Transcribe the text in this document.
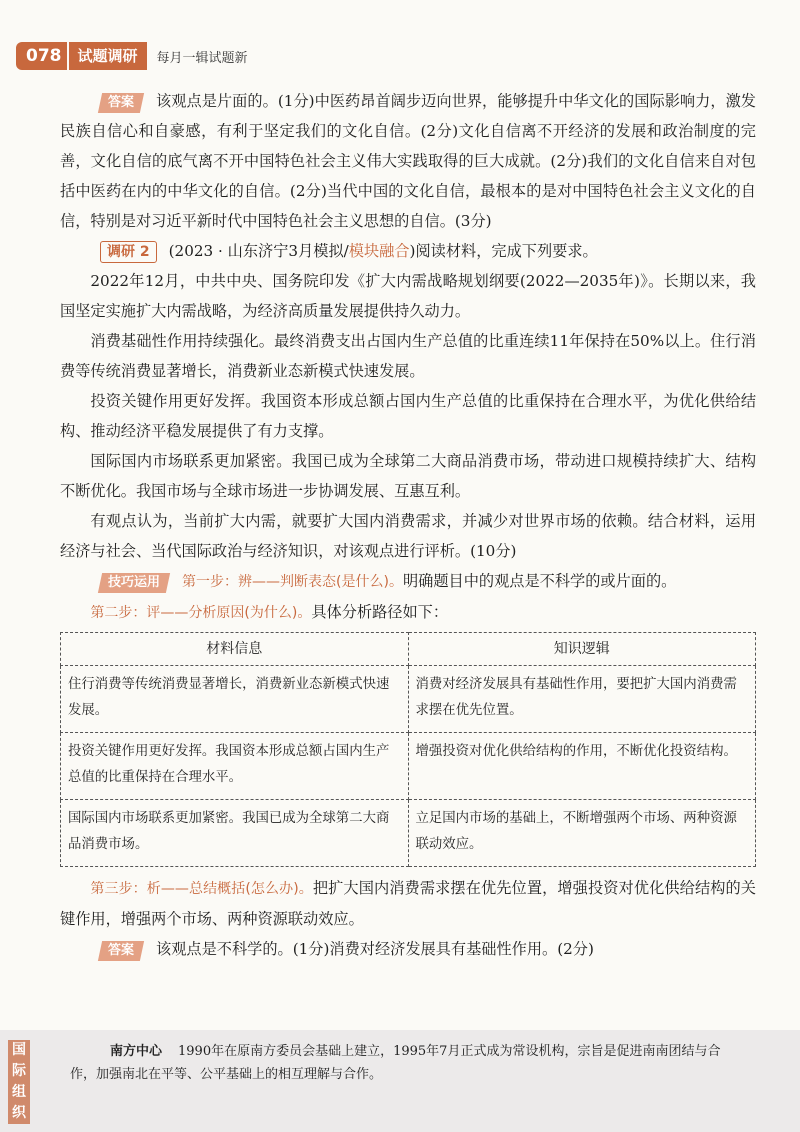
078	试题调研	每月一辑试题新

答案 该观点是片面的。(1分)中医药昂首阔步迈向世界，能够提升中华文化的国际影响力，激发民族自信心和自豪感，有利于坚定我们的文化自信。(2分)文化自信离不开经济的发展和政治制度的完善，文化自信的底气离不开中国特色社会主义伟大实践取得的巨大成就。(2分)我们的文化自信来自对包括中医药在内的中华文化的自信。(2分)当代中国的文化自信，最根本的是对中国特色社会主义文化的自信，特别是对习近平新时代中国特色社会主义思想的自信。(3分)

调研 2 (2023 · 山东济宁3月模拟/模块融合)阅读材料，完成下列要求。

2022年12月，中共中央、国务院印发《扩大内需战略规划纲要(2022—2035年)》。长期以来，我国坚定实施扩大内需战略，为经济高质量发展提供持久动力。

消费基础性作用持续强化。最终消费支出占国内生产总值的比重连续11年保持在50%以上。住行消费等传统消费显著增长，消费新业态新模式快速发展。

投资关键作用更好发挥。我国资本形成总额占国内生产总值的比重保持在合理水平，为优化供给结构、推动经济平稳发展提供了有力支撑。

国际国内市场联系更加紧密。我国已成为全球第二大商品消费市场，带动进口规模持续扩大、结构不断优化。我国市场与全球市场进一步协调发展、互惠互利。

有观点认为，当前扩大内需，就要扩大国内消费需求，并减少对世界市场的依赖。结合材料，运用经济与社会、当代国际政治与经济知识，对该观点进行评析。(10分)

技巧运用 第一步：辨——判断表态(是什么)。明确题目中的观点是不科学的或片面的。

第二步：评——分析原因(为什么)。具体分析路径如下：

材料信息	知识逻辑
住行消费等传统消费显著增长，消费新业态新模式快速发展。	消费对经济发展具有基础性作用，要把扩大国内消费需求摆在优先位置。
投资关键作用更好发挥。我国资本形成总额占国内生产总值的比重保持在合理水平。	增强投资对优化供给结构的作用，不断优化投资结构。
国际国内市场联系更加紧密。我国已成为全球第二大商品消费市场。	立足国内市场的基础上，不断增强两个市场、两种资源联动效应。

第三步：析——总结概括(怎么办)。把扩大国内消费需求摆在优先位置，增强投资对优化供给结构的关键作用，增强两个市场、两种资源联动效应。

答案 该观点是不科学的。(1分)消费对经济发展具有基础性作用。(2分)

国际组织
南方中心 1990年在原南方委员会基础上建立，1995年7月正式成为常设机构，宗旨是促进南南团结与合作，加强南北在平等、公平基础上的相互理解与合作。
